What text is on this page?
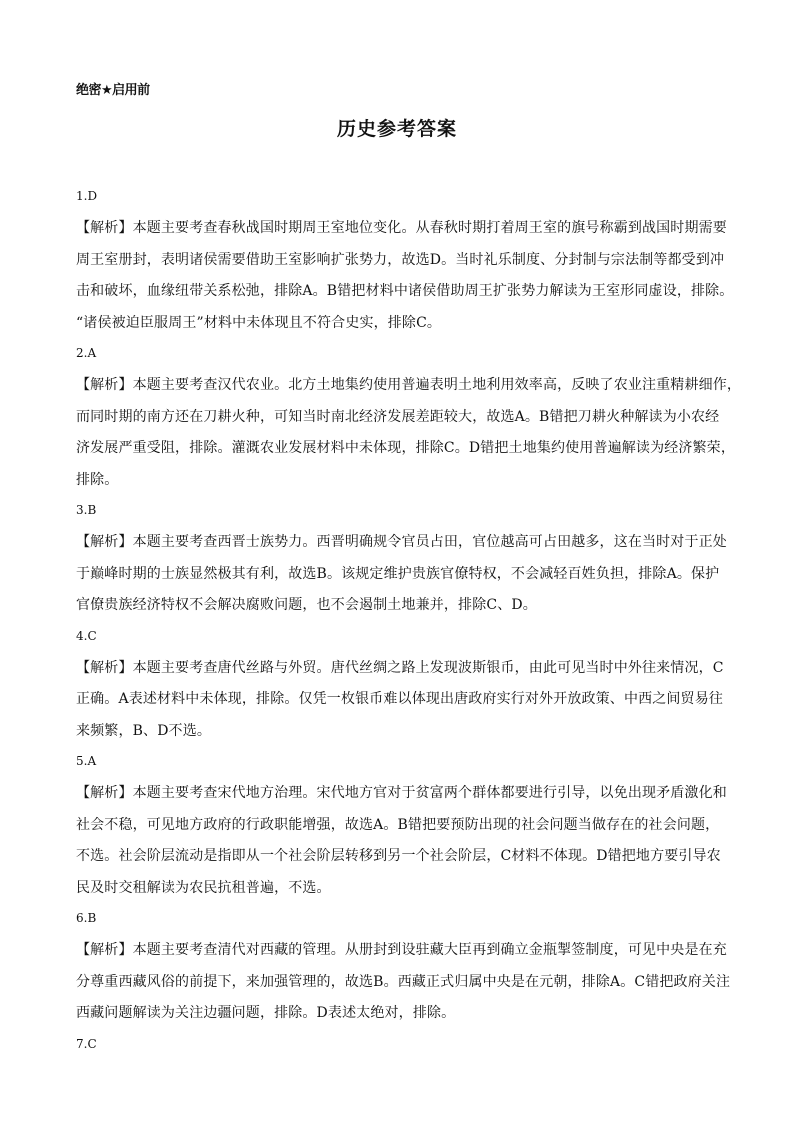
绝密★启用前
历史参考答案
1.D
【解析】本题主要考查春秋战国时期周王室地位变化。从春秋时期打着周王室的旗号称霸到战国时期需要
周王室册封，表明诸侯需要借助王室影响扩张势力，故选D。当时礼乐制度、分封制与宗法制等都受到冲
击和破坏，血缘纽带关系松弛，排除A。B错把材料中诸侯借助周王扩张势力解读为王室形同虚设，排除。
“诸侯被迫臣服周王”材料中未体现且不符合史实，排除C。
2.A
【解析】本题主要考查汉代农业。北方土地集约使用普遍表明土地利用效率高，反映了农业注重精耕细作，
而同时期的南方还在刀耕火种，可知当时南北经济发展差距较大，故选A。B错把刀耕火种解读为小农经
济发展严重受阻，排除。灌溉农业发展材料中未体现，排除C。D错把土地集约使用普遍解读为经济繁荣，
排除。
3.B
【解析】本题主要考查西晋士族势力。西晋明确规令官员占田，官位越高可占田越多，这在当时对于正处
于巅峰时期的士族显然极其有利，故选B。该规定维护贵族官僚特权，不会减轻百姓负担，排除A。保护
官僚贵族经济特权不会解决腐败问题，也不会遏制土地兼并，排除C、D。
4.C
【解析】本题主要考查唐代丝路与外贸。唐代丝绸之路上发现波斯银币，由此可见当时中外往来情况，C
正确。A表述材料中未体现，排除。仅凭一枚银币难以体现出唐政府实行对外开放政策、中西之间贸易往
来频繁，B、D不选。
5.A
【解析】本题主要考查宋代地方治理。宋代地方官对于贫富两个群体都要进行引导，以免出现矛盾激化和
社会不稳，可见地方政府的行政职能增强，故选A。B错把要预防出现的社会问题当做存在的社会问题，
不选。社会阶层流动是指即从一个社会阶层转移到另一个社会阶层，C材料不体现。D错把地方要引导农
民及时交租解读为农民抗租普遍，不选。
6.B
【解析】本题主要考查清代对西藏的管理。从册封到设驻藏大臣再到确立金瓶掣签制度，可见中央是在充
分尊重西藏风俗的前提下，来加强管理的，故选B。西藏正式归属中央是在元朝，排除A。C错把政府关注
西藏问题解读为关注边疆问题，排除。D表述太绝对，排除。
7.C
